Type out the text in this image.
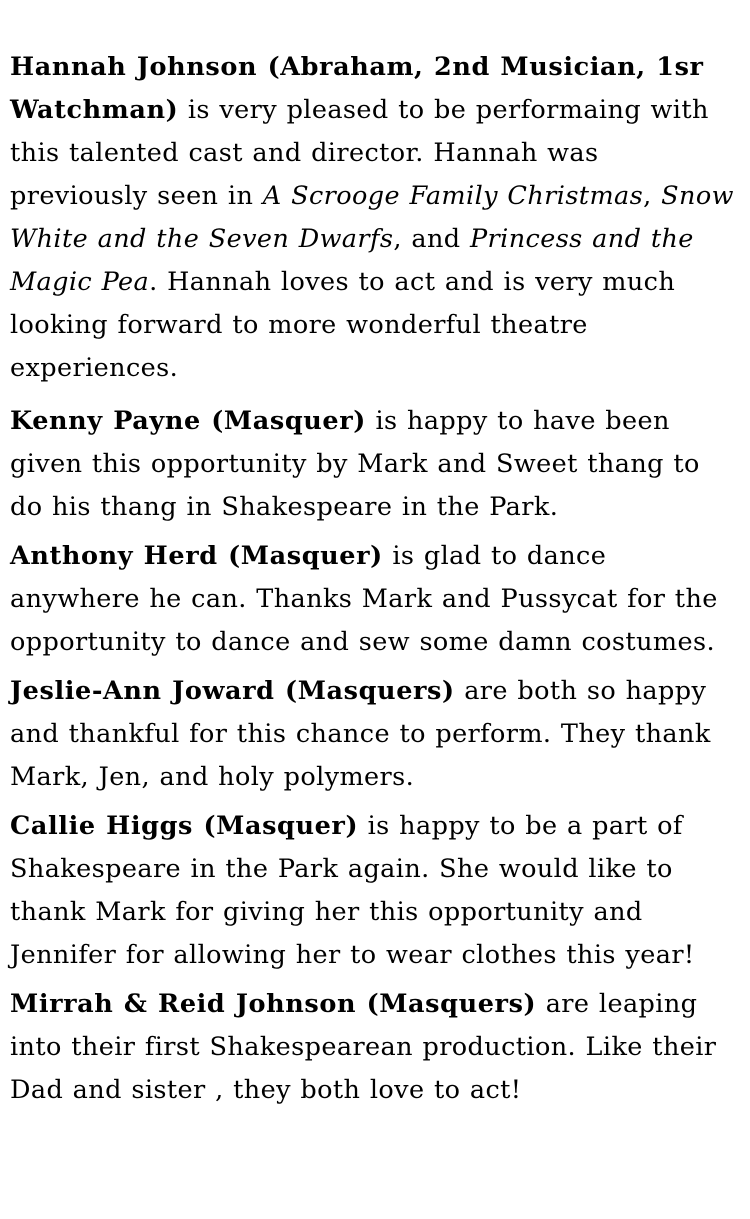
Hannah Johnson (Abraham, 2nd Musician, 1sr Watchman) is very pleased to be performaing with this talented cast and director. Hannah was previously seen in A Scrooge Family Christmas, Snow White and the Seven Dwarfs, and Princess and the Magic Pea. Hannah loves to act and is very much looking forward to more wonderful theatre experiences.

Kenny Payne (Masquer) is happy to have been given this opportunity by Mark and Sweet thang to do his thang in Shakespeare in the Park.

Anthony Herd (Masquer) is glad to dance anywhere he can. Thanks Mark and Pussycat for the opportunity to dance and sew some damn costumes.

Jeslie-Ann Joward (Masquers) are both so happy and thankful for this chance to perform. They thank Mark, Jen, and holy polymers.

Callie Higgs (Masquer) is happy to be a part of Shakespeare in the Park again. She would like to thank Mark for giving her this opportunity and
Jennifer for allowing her to wear clothes this year!

Mirrah & Reid Johnson (Masquers) are leaping into their first Shakespearean production. Like their Dad and sister , they both love to act!
